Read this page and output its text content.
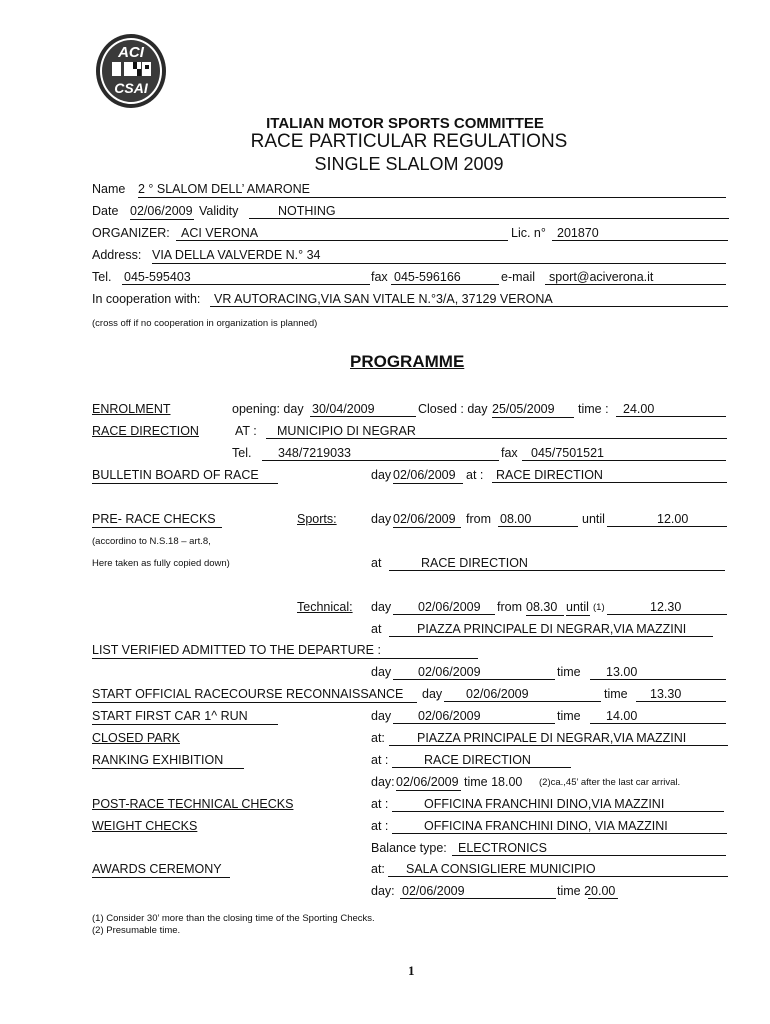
ACI
CSAI
ITALIAN MOTOR SPORTS COMMITTEE
RACE PARTICULAR REGULATIONS
SINGLE SLALOM 2009
Name 2 ° SLALOM DELL’ AMARONE
Date 02/06/2009 Validity	NOTHING
ORGANIZER: ACI VERONA	Lic. n° 201870
Address: VIA DELLA VALVERDE N.° 34
Tel. 045-595403	fax 045-596166	e-mail	sport@aciverona.it
In cooperation with:	VR AUTORACING,VIA SAN VITALE N.°3/A, 37129 VERONA
(cross off if no cooperation in organization is planned)
PROGRAMME
ENROLMENT	opening: day 30/04/2009	Closed : day 25/05/2009	time :	24.00
RACE DIRECTION	AT :	MUNICIPIO DI NEGRAR
Tel.	348/7219033	fax	045/7501521
BULLETIN BOARD OF RACE	day 02/06/2009 at :	RACE DIRECTION
PRE- RACE CHECKS	Sports:	day 02/06/2009 from 08.00	until	12.00
(accordino to N.S.18 – art.8,
Here taken as fully copied down)	at	RACE DIRECTION
Technical: day	02/06/2009	from 08.30 until (1)	12.30
at	PIAZZA PRINCIPALE DI NEGRAR,VIA MAZZINI
LIST VERIFIED ADMITTED TO THE DEPARTURE :
day	02/06/2009	time	13.00
START OFFICIAL RACECOURSE RECONNAISSANCE	day	02/06/2009	time	13.30
START FIRST CAR 1^ RUN	day	02/06/2009	time	14.00
CLOSED PARK	at:	PIAZZA PRINCIPALE DI NEGRAR,VIA MAZZINI
RANKING EXHIBITION	at :	RACE DIRECTION
day: 02/06/2009 time 18.00 (2)ca.,45’ after the last car arrival.
POST-RACE TECHNICAL CHECKS	at :	OFFICINA FRANCHINI DINO,VIA MAZZINI
WEIGHT CHECKS	at :	OFFICINA FRANCHINI DINO, VIA MAZZINI
Balance type: ELECTRONICS
AWARDS CEREMONY	at:	SALA CONSIGLIERE MUNICIPIO
day: 02/06/2009	time 20.00
(1) Consider 30’ more than the closing time of the Sporting Checks.
(2) Presumable time.
1
